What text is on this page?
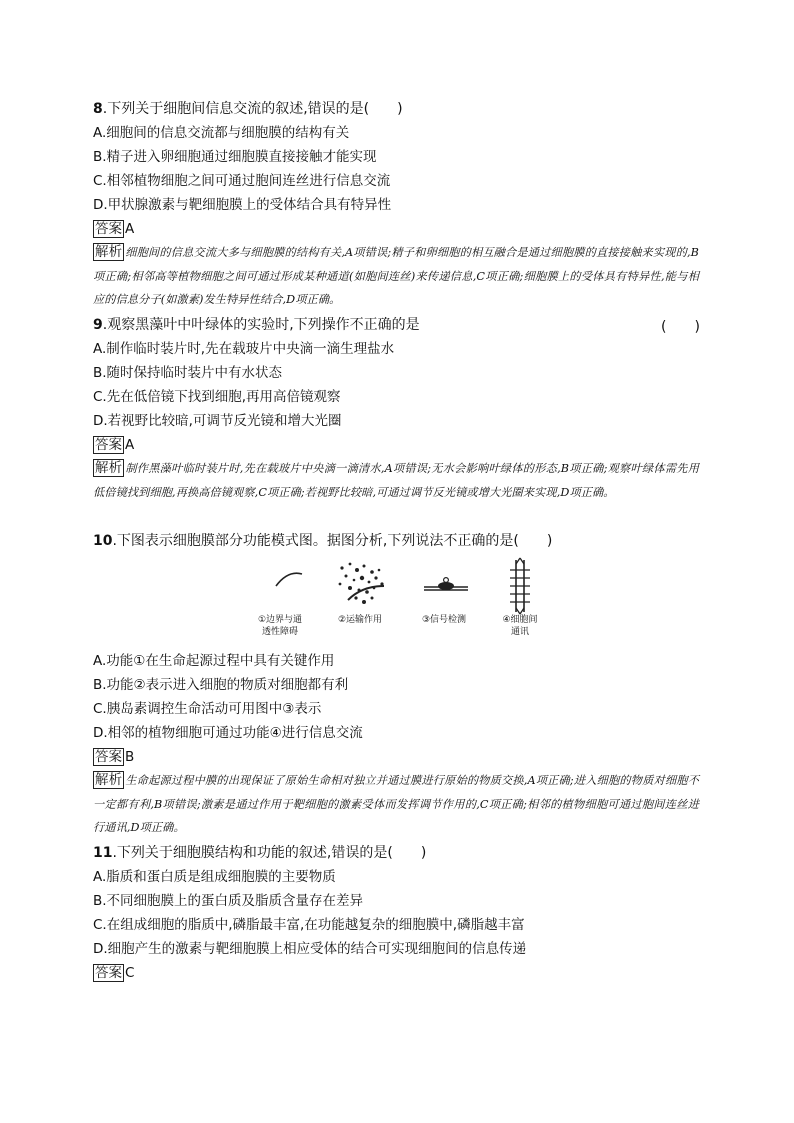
8.下列关于细胞间信息交流的叙述,错误的是(　　)
A.细胞间的信息交流都与细胞膜的结构有关
B.精子进入卵细胞通过细胞膜直接接触才能实现
C.相邻植物细胞之间可通过胞间连丝进行信息交流
D.甲状腺激素与靶细胞膜上的受体结合具有特异性
答案 A
解析 细胞间的信息交流大多与细胞膜的结构有关,A项错误;精子和卵细胞的相互融合是通过细胞膜的直接接触来实现的,B项正确;相邻高等植物细胞之间可通过形成某种通道(如胞间连丝)来传递信息,C项正确;细胞膜上的受体具有特异性,能与相应的信息分子(如激素)发生特异性结合,D项正确。
9.观察黑藻叶中叶绿体的实验时,下列操作不正确的是	(　　)
A.制作临时装片时,先在载玻片中央滴一滴生理盐水
B.随时保持临时装片中有水状态
C.先在低倍镜下找到细胞,再用高倍镜观察
D.若视野比较暗,可调节反光镜和增大光圈
答案 A
解析 制作黑藻叶临时装片时,先在载玻片中央滴一滴清水,A项错误;无水会影响叶绿体的形态,B项正确;观察叶绿体需先用低倍镜找到细胞,再换高倍镜观察,C项正确;若视野比较暗,可通过调节反光镜或增大光圈来实现,D项正确。
10.下图表示细胞膜部分功能模式图。据图分析,下列说法不正确的是(　　)
①边界与通
透性障碍
②运输作用	③信号检测	④细胞间
通讯
A.功能①在生命起源过程中具有关键作用
B.功能②表示进入细胞的物质对细胞都有利
C.胰岛素调控生命活动可用图中③表示
D.相邻的植物细胞可通过功能④进行信息交流
答案 B
解析 生命起源过程中膜的出现保证了原始生命相对独立并通过膜进行原始的物质交换,A项正确;进入细胞的物质对细胞不一定都有利,B项错误;激素是通过作用于靶细胞的激素受体而发挥调节作用的,C项正确;相邻的植物细胞可通过胞间连丝进行通讯,D项正确。
11.下列关于细胞膜结构和功能的叙述,错误的是(　　)
A.脂质和蛋白质是组成细胞膜的主要物质
B.不同细胞膜上的蛋白质及脂质含量存在差异
C.在组成细胞的脂质中,磷脂最丰富,在功能越复杂的细胞膜中,磷脂越丰富
D.细胞产生的激素与靶细胞膜上相应受体的结合可实现细胞间的信息传递
答案 C
